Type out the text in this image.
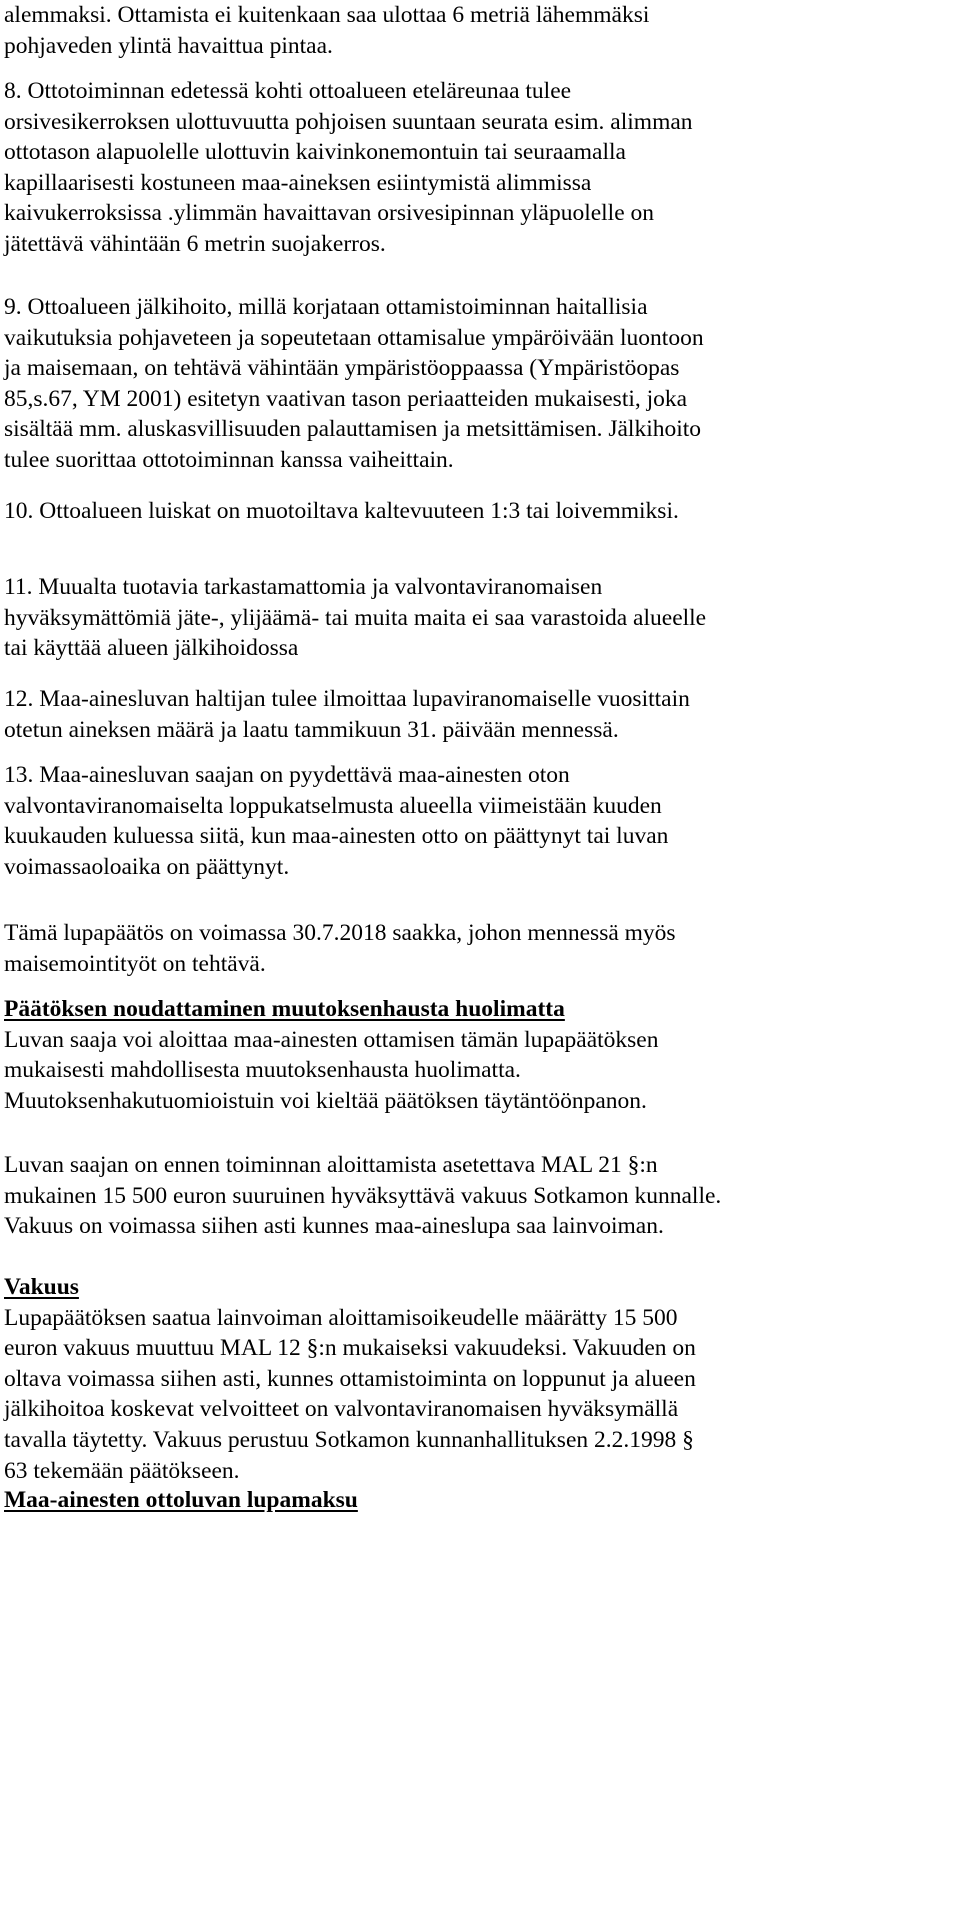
alemmaksi. Ottamista ei kuitenkaan saa ulottaa 6 metriä lähemmäksi
pohjaveden ylintä havaittua pintaa.
8. Ottotoiminnan edetessä kohti ottoalueen eteläreunaa tulee
orsivesikerroksen ulottuvuutta pohjoisen suuntaan seurata esim. alimman
ottotason alapuolelle ulottuvin kaivinkonemontuin tai seuraamalla
kapillaarisesti kostuneen maa-aineksen esiintymistä alimmissa
kaivukerroksissa .ylimmän havaittavan orsivesipinnan yläpuolelle on
jätettävä vähintään 6 metrin suojakerros.
9. Ottoalueen jälkihoito, millä korjataan ottamistoiminnan haitallisia
vaikutuksia pohjaveteen ja sopeutetaan ottamisalue ympäröivään luontoon
ja maisemaan, on tehtävä vähintään ympäristöoppaassa (Ympäristöopas
85,s.67, YM 2001) esitetyn vaativan tason periaatteiden mukaisesti, joka
sisältää mm. aluskasvillisuuden palauttamisen ja metsittämisen. Jälkihoito
tulee suorittaa ottotoiminnan kanssa vaiheittain.
10. Ottoalueen luiskat on muotoiltava kaltevuuteen 1:3 tai loivemmiksi.
11. Muualta tuotavia tarkastamattomia ja valvontaviranomaisen
hyväksymättömiä jäte-, ylijäämä- tai muita maita ei saa varastoida alueelle
tai käyttää alueen jälkihoidossa
12. Maa-ainesluvan haltijan tulee ilmoittaa lupaviranomaiselle vuosittain
otetun aineksen määrä ja laatu tammikuun 31. päivään mennessä.
13. Maa-ainesluvan saajan on pyydettävä maa-ainesten oton
valvontaviranomaiselta loppukatselmusta alueella viimeistään kuuden
kuukauden kuluessa siitä, kun maa-ainesten otto on päättynyt tai luvan
voimassaoloaika on päättynyt.
Tämä lupapäätös on voimassa 30.7.2018 saakka, johon mennessä myös
maisemointityöt on tehtävä.
Päätöksen noudattaminen muutoksenhausta huolimatta
Luvan saaja voi aloittaa maa-ainesten ottamisen tämän lupapäätöksen
mukaisesti mahdollisesta muutoksenhausta huolimatta.
Muutoksenhakutuomioistuin voi kieltää päätöksen täytäntöönpanon.
Luvan saajan on ennen toiminnan aloittamista asetettava MAL 21 §:n
mukainen 15 500 euron suuruinen hyväksyttävä vakuus Sotkamon kunnalle.
Vakuus on voimassa siihen asti kunnes maa-aineslupa saa lainvoiman.
Vakuus
Lupapäätöksen saatua lainvoiman aloittamisoikeudelle määrätty 15 500
euron vakuus muuttuu MAL 12 §:n mukaiseksi vakuudeksi. Vakuuden on
oltava voimassa siihen asti, kunnes ottamistoiminta on loppunut ja alueen
jälkihoitoa koskevat velvoitteet on valvontaviranomaisen hyväksymällä
tavalla täytetty. Vakuus perustuu Sotkamon kunnanhallituksen 2.2.1998 §
63 tekemään päätökseen.
Maa-ainesten ottoluvan lupamaksu
